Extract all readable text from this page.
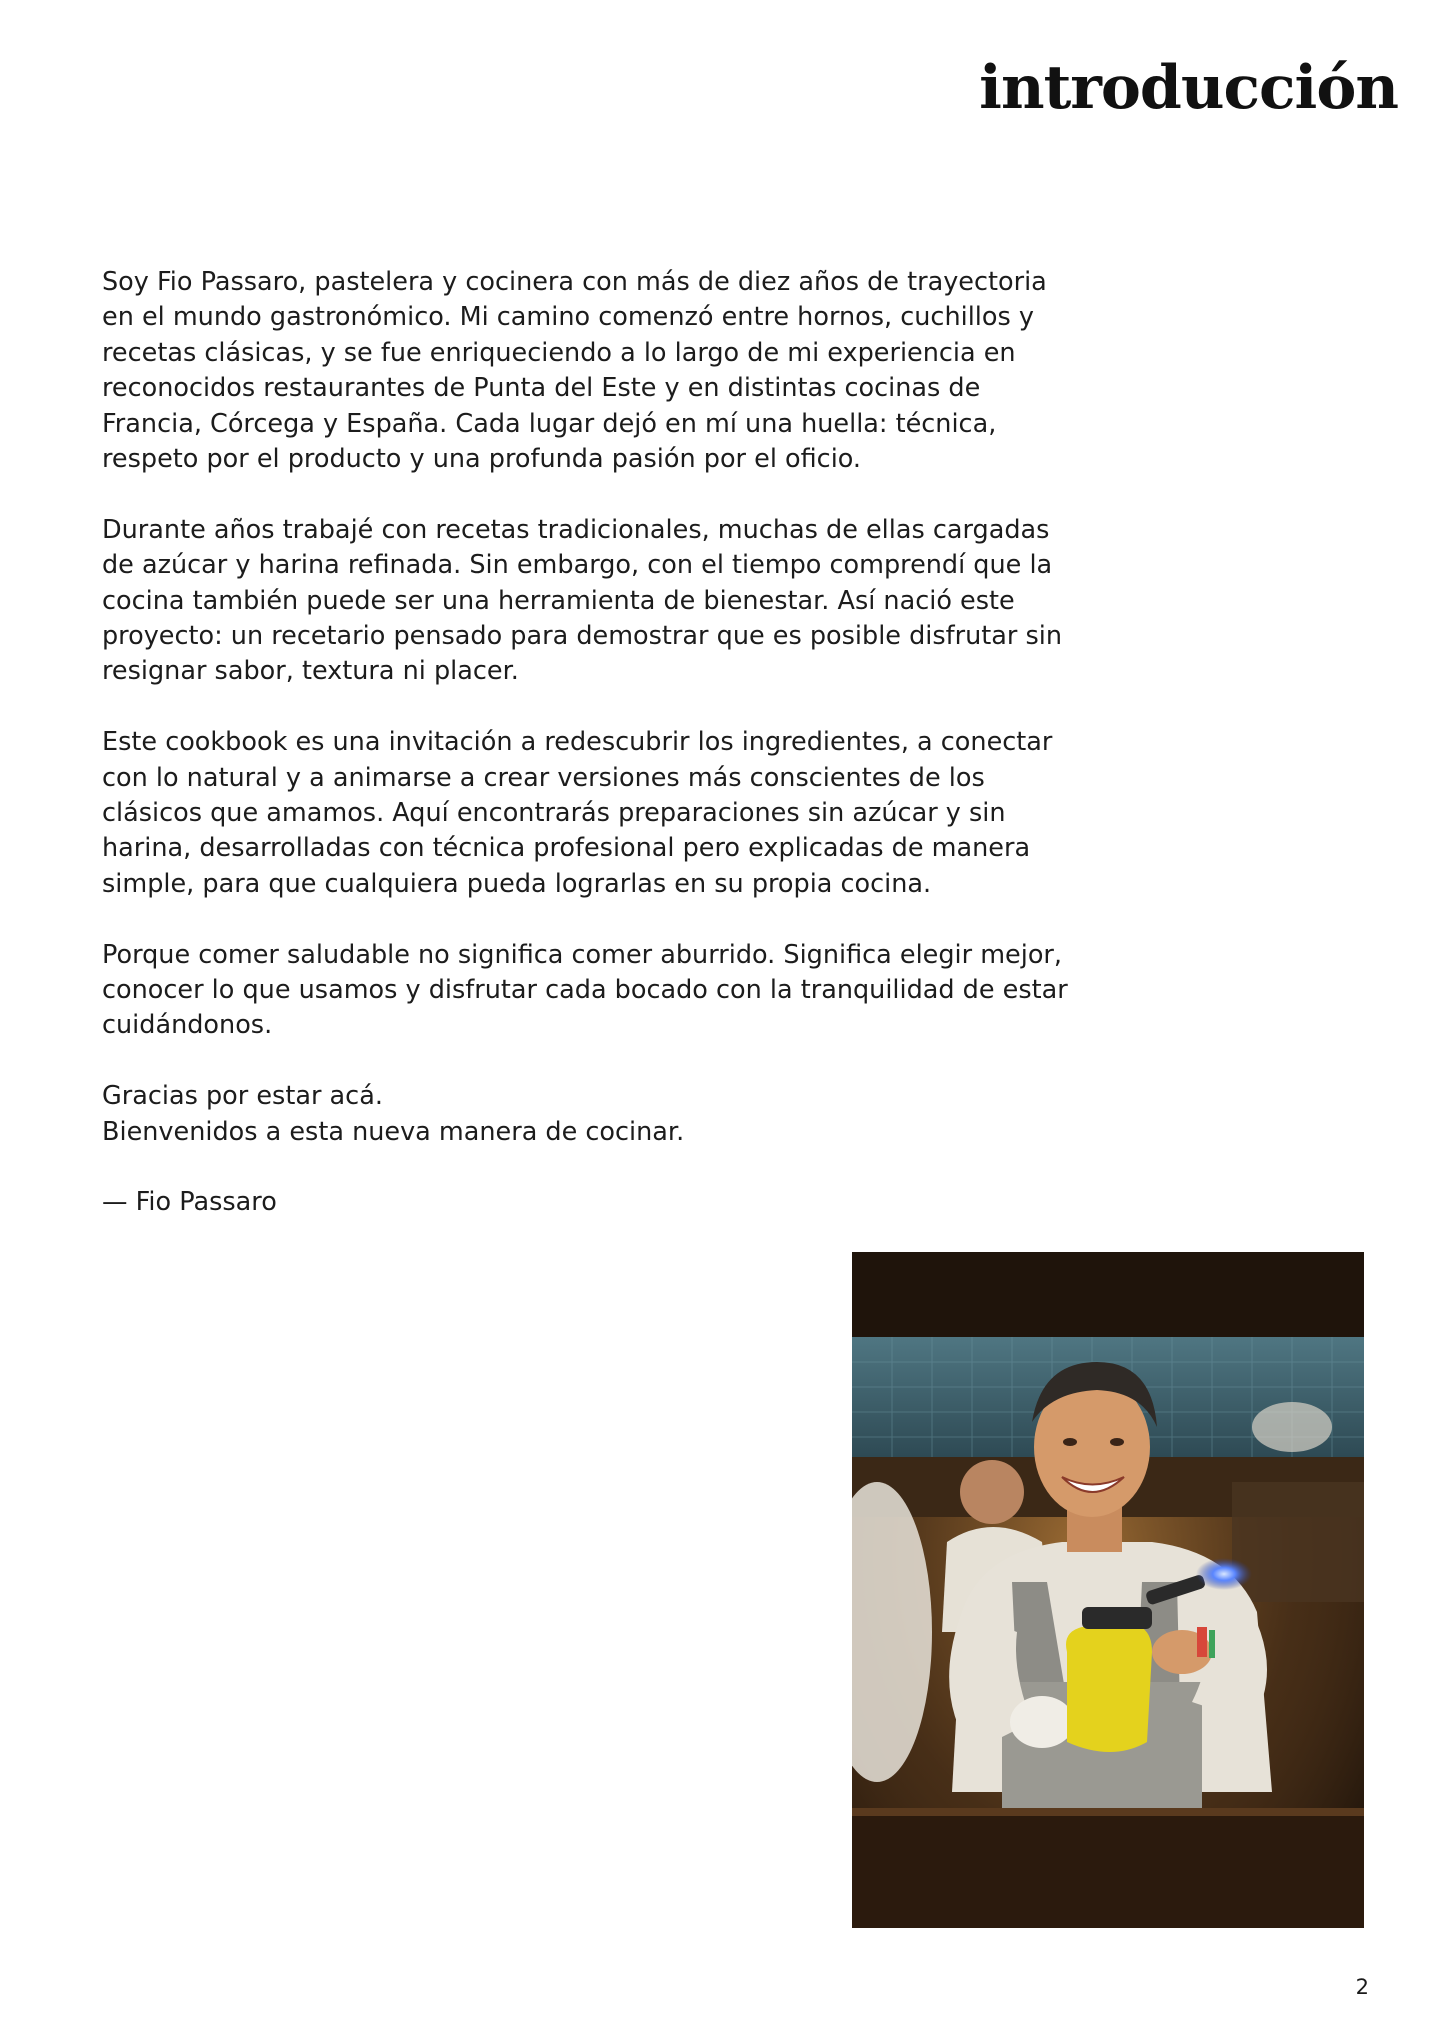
introducción

Soy Fio Passaro, pastelera y cocinera con más de diez años de trayectoria
en el mundo gastronómico. Mi camino comenzó entre hornos, cuchillos y
recetas clásicas, y se fue enriqueciendo a lo largo de mi experiencia en
reconocidos restaurantes de Punta del Este y en distintas cocinas de
Francia, Córcega y España. Cada lugar dejó en mí una huella: técnica,
respeto por el producto y una profunda pasión por el oficio.

Durante años trabajé con recetas tradicionales, muchas de ellas cargadas
de azúcar y harina refinada. Sin embargo, con el tiempo comprendí que la
cocina también puede ser una herramienta de bienestar. Así nació este
proyecto: un recetario pensado para demostrar que es posible disfrutar sin
resignar sabor, textura ni placer.

Este cookbook es una invitación a redescubrir los ingredientes, a conectar
con lo natural y a animarse a crear versiones más conscientes de los
clásicos que amamos. Aquí encontrarás preparaciones sin azúcar y sin
harina, desarrolladas con técnica profesional pero explicadas de manera
simple, para que cualquiera pueda lograrlas en su propia cocina.

Porque comer saludable no significa comer aburrido. Significa elegir mejor,
conocer lo que usamos y disfrutar cada bocado con la tranquilidad de estar
cuidándonos.

Gracias por estar acá.
Bienvenidos a esta nueva manera de cocinar.

— Fio Passaro

2
